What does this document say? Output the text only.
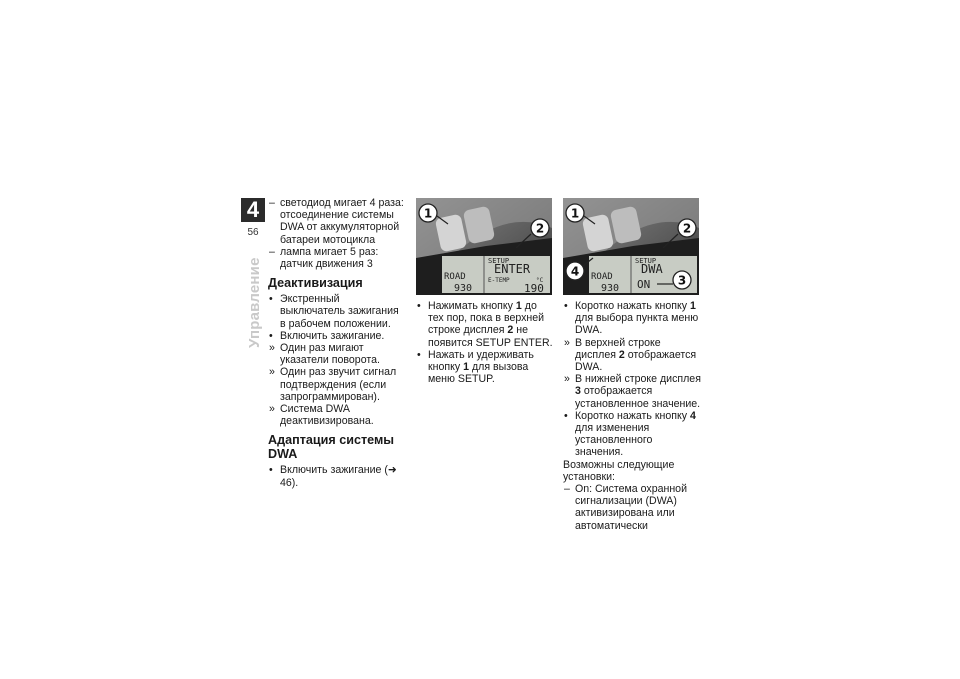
4
56
Управление
– светодиод мигает 4 раза: отсоединение системы DWA от аккумуляторной батареи мотоцикла
– лампа мигает 5 раз: датчик движения 3
Деактивизация
• Экстренный выключатель зажигания в рабочем положении.
• Включить зажигание.
» Один раз мигают указатели поворота.
» Один раз звучит сигнал подтверждения (если запрограммирован).
» Система DWA деактивизирована.
Адаптация системы DWA
• Включить зажигание (➜ 46).
SETUP
ENTER
ROAD
930
E-TEMP	°C
190
1
2
SETUP
DWA
ROAD
930 ON
1
2
3
4
• Нажимать кнопку 1 до тех пор, пока в верхней строке дисплея 2 не появится SETUP ENTER.
• Нажать и удерживать кнопку 1 для вызова меню SETUP.
• Коротко нажать кнопку 1 для выбора пункта меню DWA.
» В верхней строке дисплея 2 отображается DWA.
» В нижней строке дисплея 3 отображается установленное значение.
• Коротко нажать кнопку 4 для изменения установленного значения.
Возможны следующие установки:
– On: Система охранной сигнализации (DWA) активизирована или автоматически
